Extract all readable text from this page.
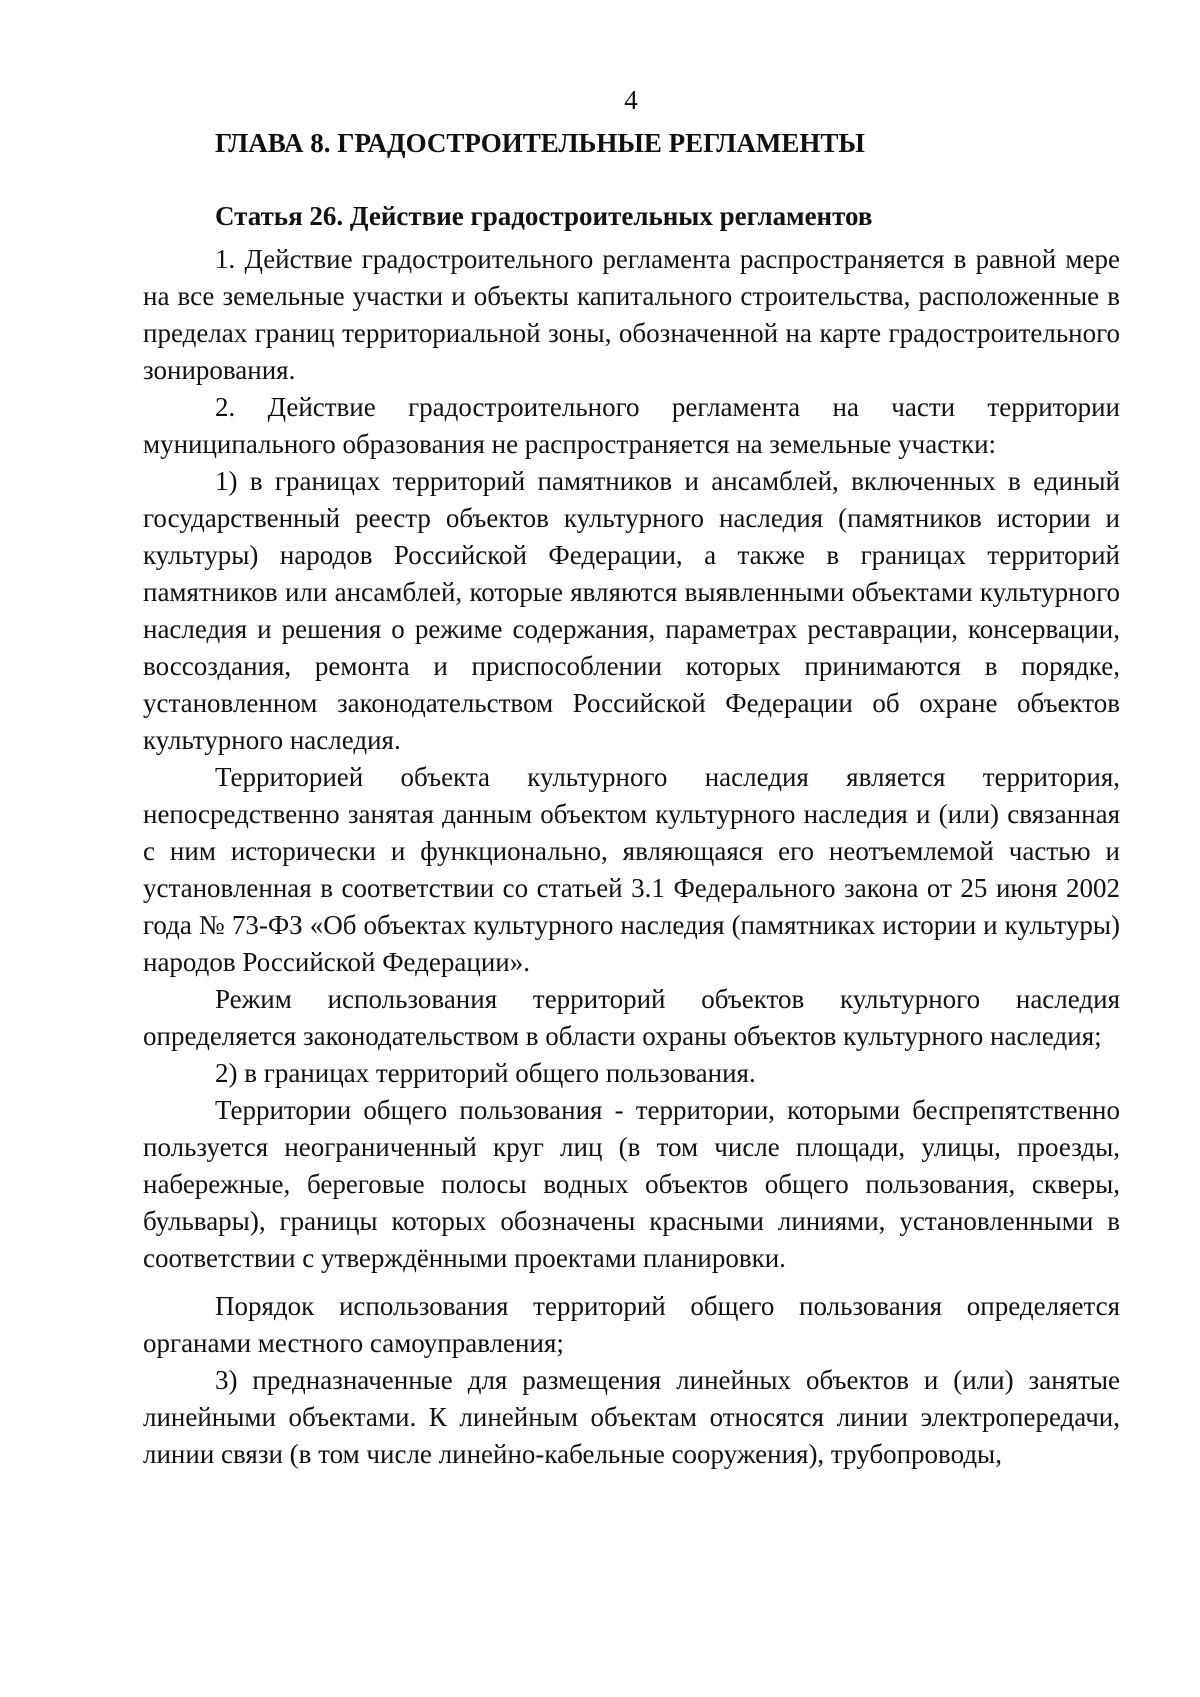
4
ГЛАВА 8. ГРАДОСТРОИТЕЛЬНЫЕ РЕГЛАМЕНТЫ
Статья 26. Действие градостроительных регламентов

1. Действие градостроительного регламента распространяется в равной мере на все земельные участки и объекты капитального строительства, расположенные в пределах границ территориальной зоны, обозначенной на карте градостроительного зонирования.

2. Действие градостроительного регламента на части территории муниципального образования не распространяется на земельные участки:

1) в границах территорий памятников и ансамблей, включенных в единый государственный реестр объектов культурного наследия (памятников истории и культуры) народов Российской Федерации, а также в границах территорий памятников или ансамблей, которые являются выявленными объектами культурного наследия и решения о режиме содержания, параметрах реставрации, консервации, воссоздания, ремонта и приспособлении которых принимаются в порядке, установленном законодательством Российской Федерации об охране объектов культурного наследия.

Территорией объекта культурного наследия является территория, непосредственно занятая данным объектом культурного наследия и (или) связанная с ним исторически и функционально, являющаяся его неотъемлемой частью и установленная в соответствии со статьей 3.1 Федерального закона от 25 июня 2002 года № 73-ФЗ «Об объектах культурного наследия (памятниках истории и культуры) народов Российской Федерации».

Режим использования территорий объектов культурного наследия определяется законодательством в области охраны объектов культурного наследия;

2) в границах территорий общего пользования.

Территории общего пользования - территории, которыми беспрепятственно пользуется неограниченный круг лиц (в том числе площади, улицы, проезды, набережные, береговые полосы водных объектов общего пользования, скверы, бульвары), границы которых обозначены красными линиями, установленными в соответствии с утверждёнными проектами планировки.

Порядок использования территорий общего пользования определяется органами местного самоуправления;

3) предназначенные для размещения линейных объектов и (или) занятые линейными объектами. К линейным объектам относятся линии электропередачи, линии связи (в том числе линейно-кабельные сооружения), трубопроводы,
